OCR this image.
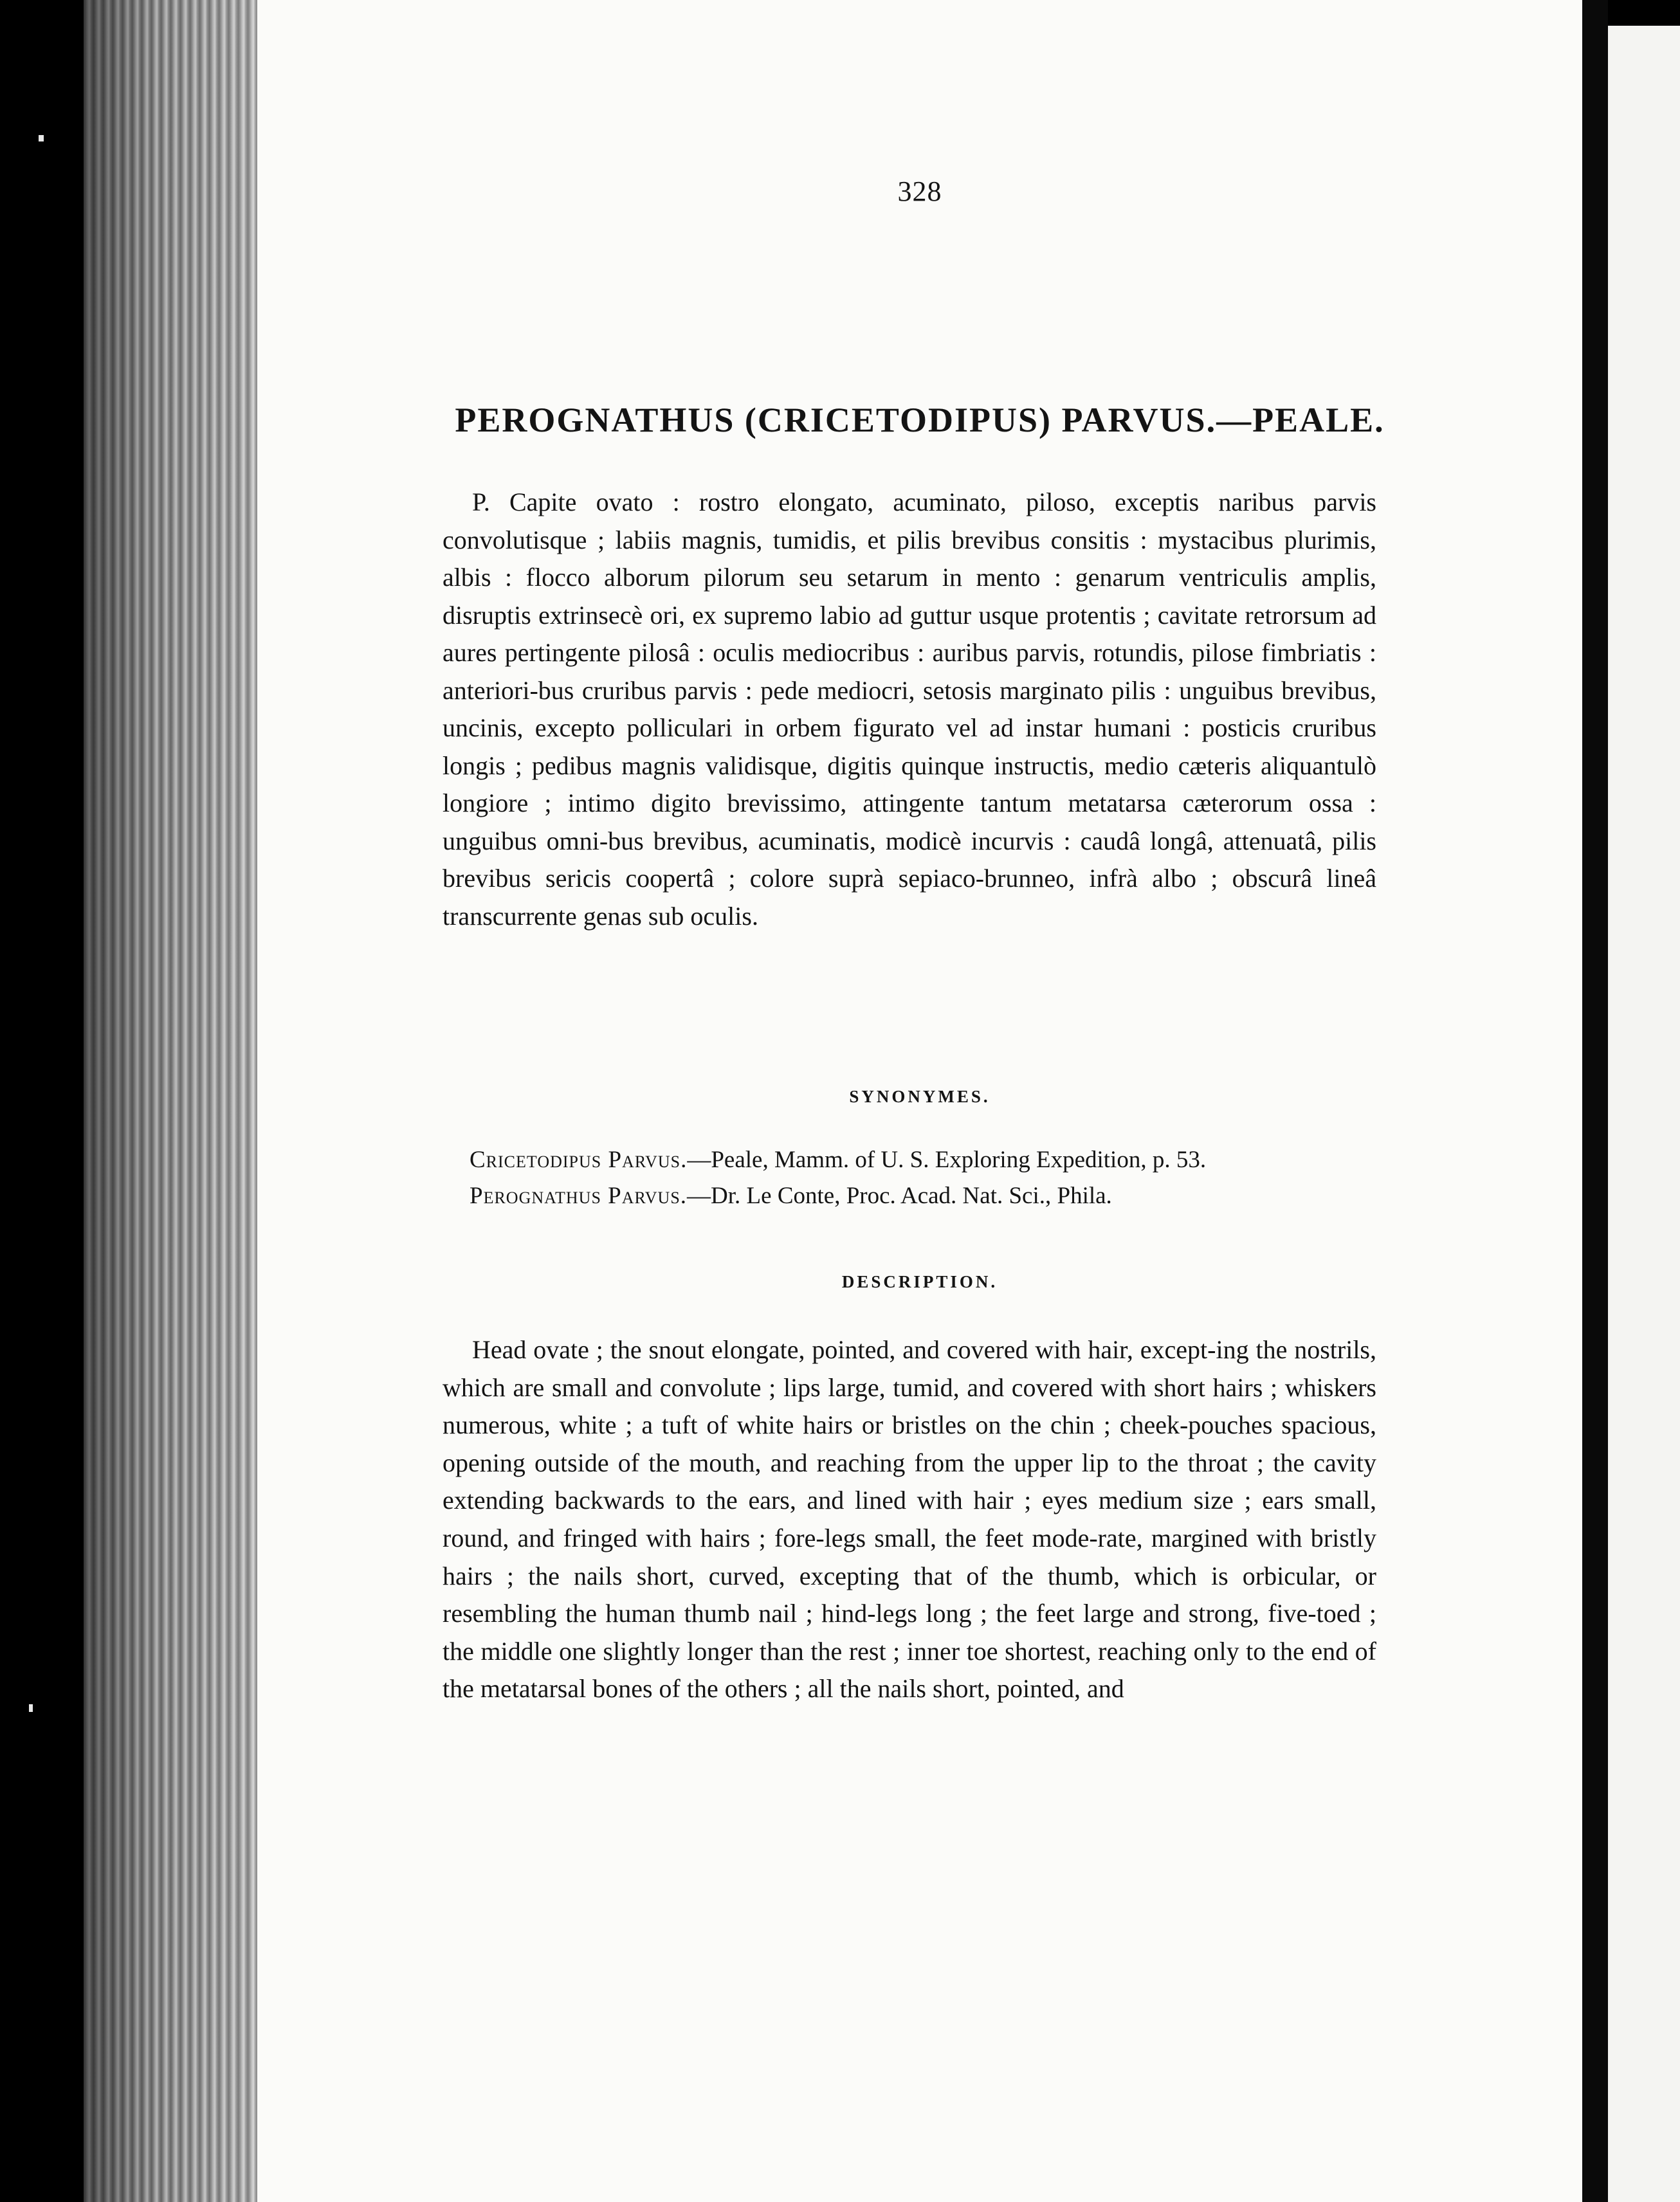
328
PEROGNATHUS (CRICETODIPUS) PARVUS.—PEALE.
P. Capite ovato : rostro elongato, acuminato, piloso, exceptis naribus parvis convolutisque ; labiis magnis, tumidis, et pilis brevibus consitis : mystacibus plurimis, albis : flocco alborum pilorum seu setarum in mento : genarum ventriculis amplis, disruptis extrinsecè ori, ex supremo labio ad guttur usque protentis ; cavitate retrorsum ad aures pertingente pilosâ : oculis mediocribus : auribus parvis, rotundis, pilose fimbriatis : anteriori-bus cruribus parvis : pede mediocri, setosis marginato pilis : unguibus brevibus, uncinis, excepto polliculari in orbem figurato vel ad instar humani : posticis cruribus longis ; pedibus magnis validisque, digitis quinque instructis, medio cæteris aliquantulò longiore ; intimo digito brevissimo, attingente tantum metatarsa cæterorum ossa : unguibus omni-bus brevibus, acuminatis, modicè incurvis : caudâ longâ, attenuatâ, pilis brevibus sericis coopertâ ; colore suprà sepiaco-brunneo, infrà albo ; obscurâ lineâ transcurrente genas sub oculis.
SYNONYMES.
Cricetodipus Parvus.—Peale, Mamm. of U. S. Exploring Expedition, p. 53.
Perognathus Parvus.—Dr. Le Conte, Proc. Acad. Nat. Sci., Phila.
DESCRIPTION.
Head ovate ; the snout elongate, pointed, and covered with hair, except-ing the nostrils, which are small and convolute ; lips large, tumid, and covered with short hairs ; whiskers numerous, white ; a tuft of white hairs or bristles on the chin ; cheek-pouches spacious, opening outside of the mouth, and reaching from the upper lip to the throat ; the cavity extending backwards to the ears, and lined with hair ; eyes medium size ; ears small, round, and fringed with hairs ; fore-legs small, the feet mode-rate, margined with bristly hairs ; the nails short, curved, excepting that of the thumb, which is orbicular, or resembling the human thumb nail ; hind-legs long ; the feet large and strong, five-toed ; the middle one slightly longer than the rest ; inner toe shortest, reaching only to the end of the metatarsal bones of the others ; all the nails short, pointed, and
